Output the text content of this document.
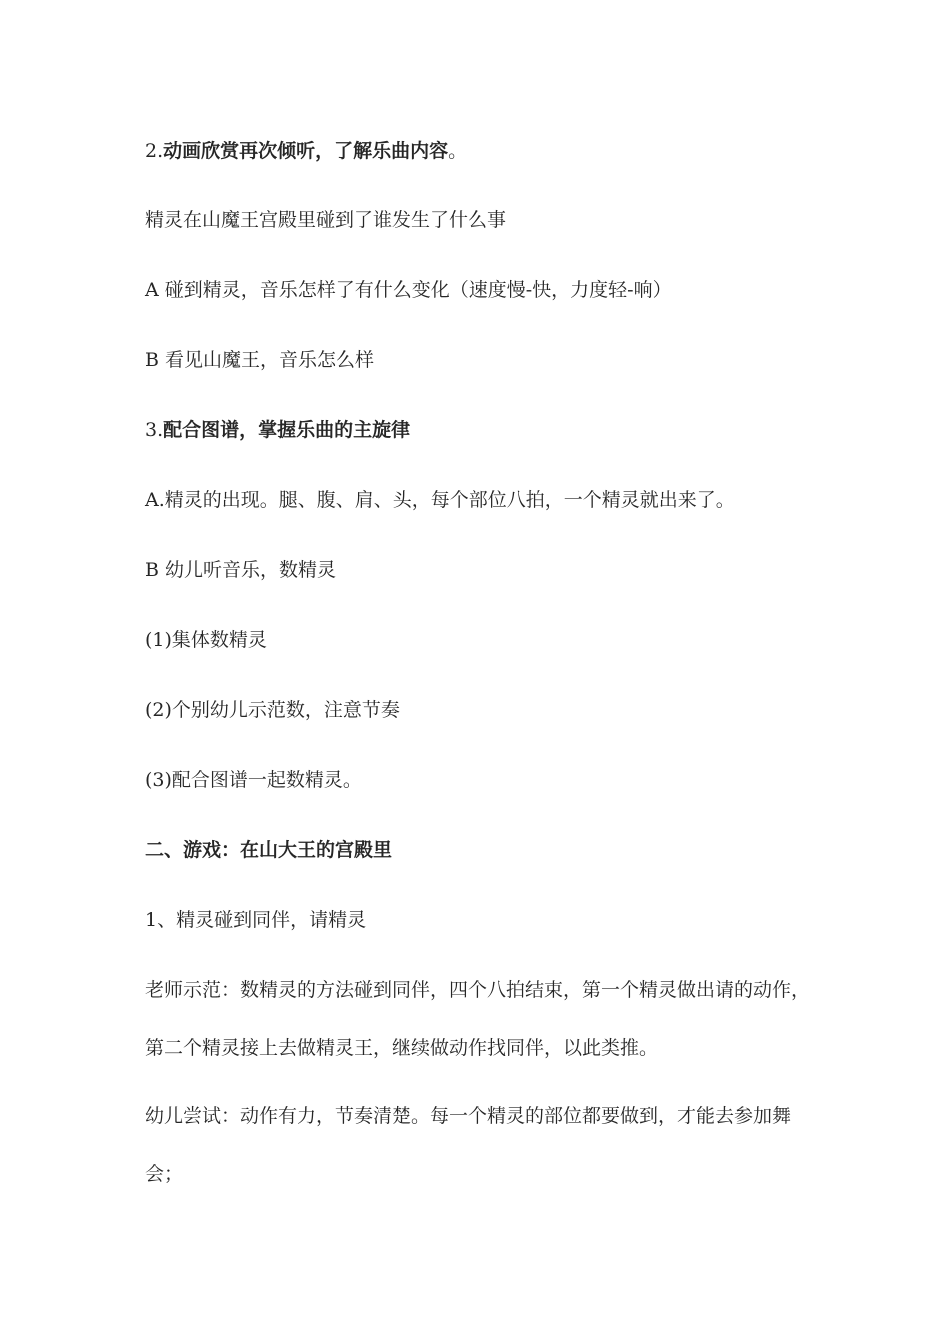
2.动画欣赏再次倾听，了解乐曲内容。

精灵在山魔王宫殿里碰到了谁发生了什么事

A 碰到精灵，音乐怎样了有什么变化（速度慢-快，力度轻-响）

B 看见山魔王，音乐怎么样

3.配合图谱，掌握乐曲的主旋律

A.精灵的出现。腿、腹、肩、头，每个部位八拍，一个精灵就出来了。

B 幼儿听音乐，数精灵

(1)集体数精灵

(2)个别幼儿示范数，注意节奏

(3)配合图谱一起数精灵。

二、游戏：在山大王的宫殿里

1、精灵碰到同伴，请精灵

老师示范：数精灵的方法碰到同伴，四个八拍结束，第一个精灵做出请的动作，第二个精灵接上去做精灵王，继续做动作找同伴，以此类推。

幼儿尝试：动作有力，节奏清楚。每一个精灵的部位都要做到，才能去参加舞会；
